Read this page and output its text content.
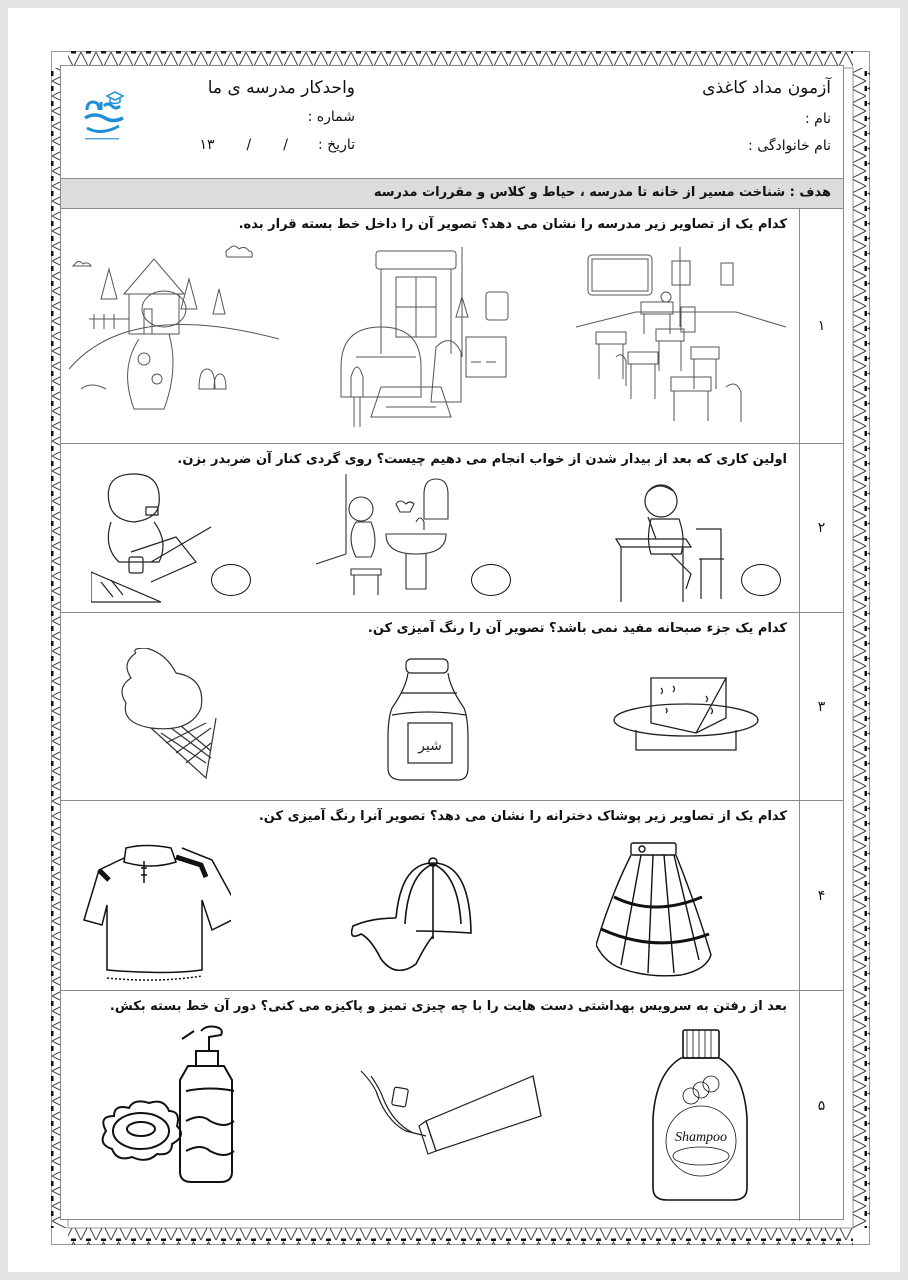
آزمون مداد کاغذی
نام :
نام خانوادگی :
واحدکار مدرسه ی ما
شماره :
تاریخ :
/
/
۱۳
هدف : شناخت مسیر از خانه تا مدرسه ، حیاط و کلاس و مقررات مدرسه
۱
کدام یک از تصاویر زیر مدرسه را نشان می دهد؟ تصویر آن را داخل خط بسته قرار بده.
۲
اولین کاری که بعد از بیدار شدن از خواب انجام می دهیم چیست؟ روی گردی کنار آن ضربدر بزن.
۳
کدام یک جزء صبحانه مفید نمی باشد؟ تصویر آن را رنگ آمیزی کن.
شیر
۴
کدام یک از تصاویر زیر پوشاک دخترانه را نشان می دهد؟ تصویر آنرا رنگ آمیزی کن.
۵
بعد از رفتن به سرویس بهداشتی دست هایت را با چه چیزی تمیز و پاکیزه می کنی؟ دور آن خط بسته بکش.
Shampoo
